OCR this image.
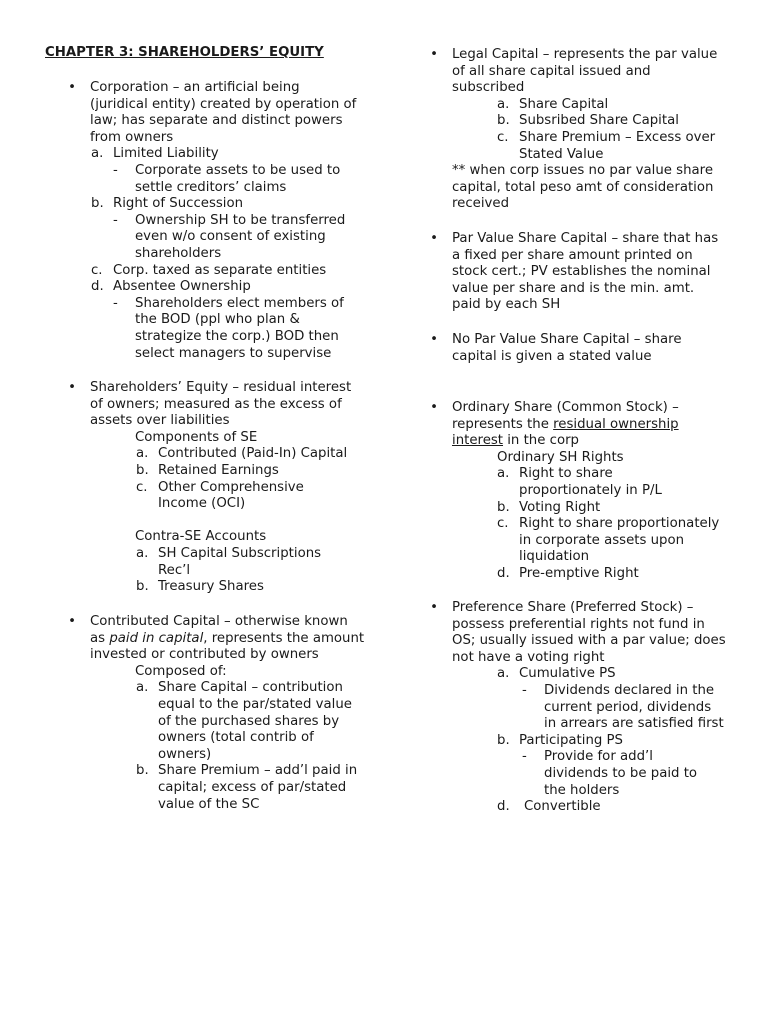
CHAPTER 3: SHAREHOLDERS’ EQUITY
• Corporation – an artificial being (juridical entity) created by operation of law; has separate and distinct powers from owners
a. Limited Liability
- Corporate assets to be used to settle creditors’ claims
b. Right of Succession
- Ownership SH to be transferred even w/o consent of existing shareholders
c. Corp. taxed as separate entities
d. Absentee Ownership
- Shareholders elect members of the BOD (ppl who plan & strategize the corp.) BOD then select managers to supervise
• Shareholders’ Equity – residual interest of owners; measured as the excess of assets over liabilities
Components of SE
a. Contributed (Paid-In) Capital
b. Retained Earnings
c. Other Comprehensive Income (OCI)
Contra-SE Accounts
a. SH Capital Subscriptions Rec’l
b. Treasury Shares
• Contributed Capital – otherwise known as paid in capital, represents the amount invested or contributed by owners
Composed of:
a. Share Capital – contribution equal to the par/stated value of the purchased shares by owners (total contrib of owners)
b. Share Premium – add’l paid in capital; excess of par/stated value of the SC
• Legal Capital – represents the par value of all share capital issued and subscribed
a. Share Capital
b. Subsribed Share Capital
c. Share Premium – Excess over Stated Value
** when corp issues no par value share capital, total peso amt of consideration received
• Par Value Share Capital – share that has a fixed per share amount printed on stock cert.; PV establishes the nominal value per share and is the min. amt. paid by each SH
• No Par Value Share Capital – share capital is given a stated value
• Ordinary Share (Common Stock) – represents the residual ownership interest in the corp
Ordinary SH Rights
a. Right to share proportionately in P/L
b. Voting Right
c. Right to share proportionately in corporate assets upon liquidation
d. Pre-emptive Right
• Preference Share (Preferred Stock) – possess preferential rights not fund in OS; usually issued with a par value; does not have a voting right
a. Cumulative PS
- Dividends declared in the current period, dividends in arrears are satisfied first
b. Participating PS
- Provide for add’l dividends to be paid to the holders
d. Convertible
